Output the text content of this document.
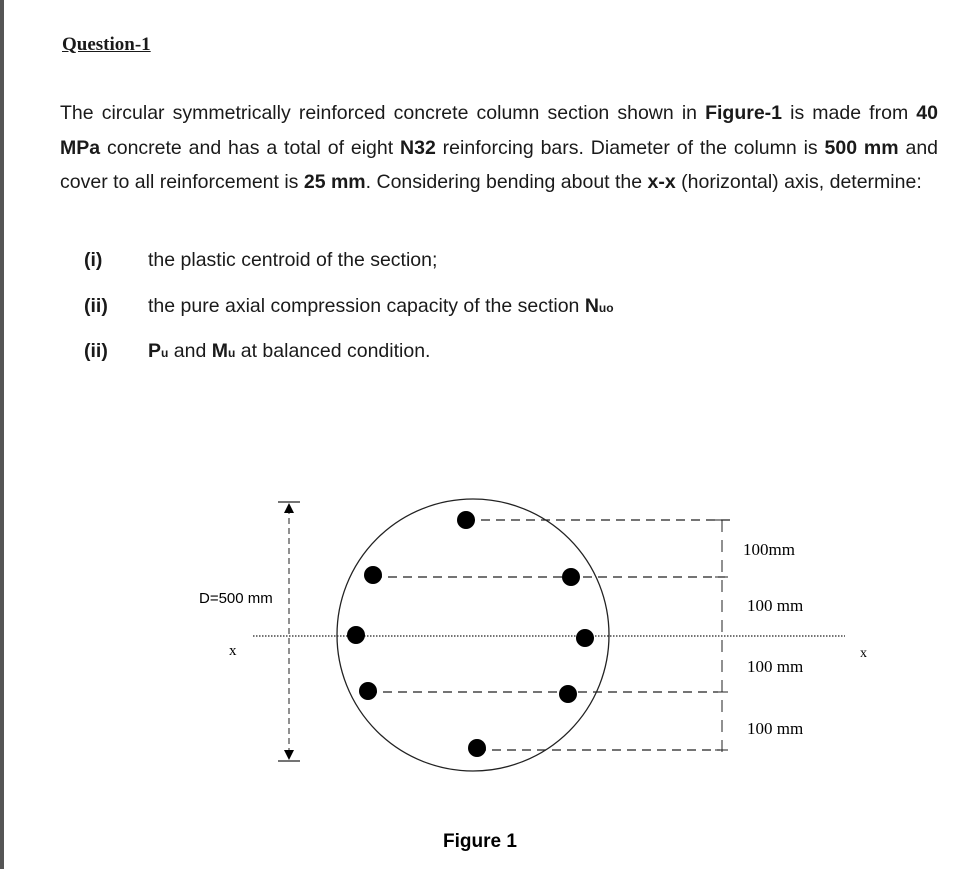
Question-1

The circular symmetrically reinforced concrete column section shown in Figure-1 is made from 40 MPa concrete and has a total of eight N32 reinforcing bars. Diameter of the column is 500 mm and cover to all reinforcement is 25 mm. Considering bending about the x-x (horizontal) axis, determine:

(i) the plastic centroid of the section;
(ii) the pure axial compression capacity of the section Nuo
(ii) Pu and Mu at balanced condition.
D=500 mm
x	x
100mm
100 mm
100 mm
100 mm
Figure 1
